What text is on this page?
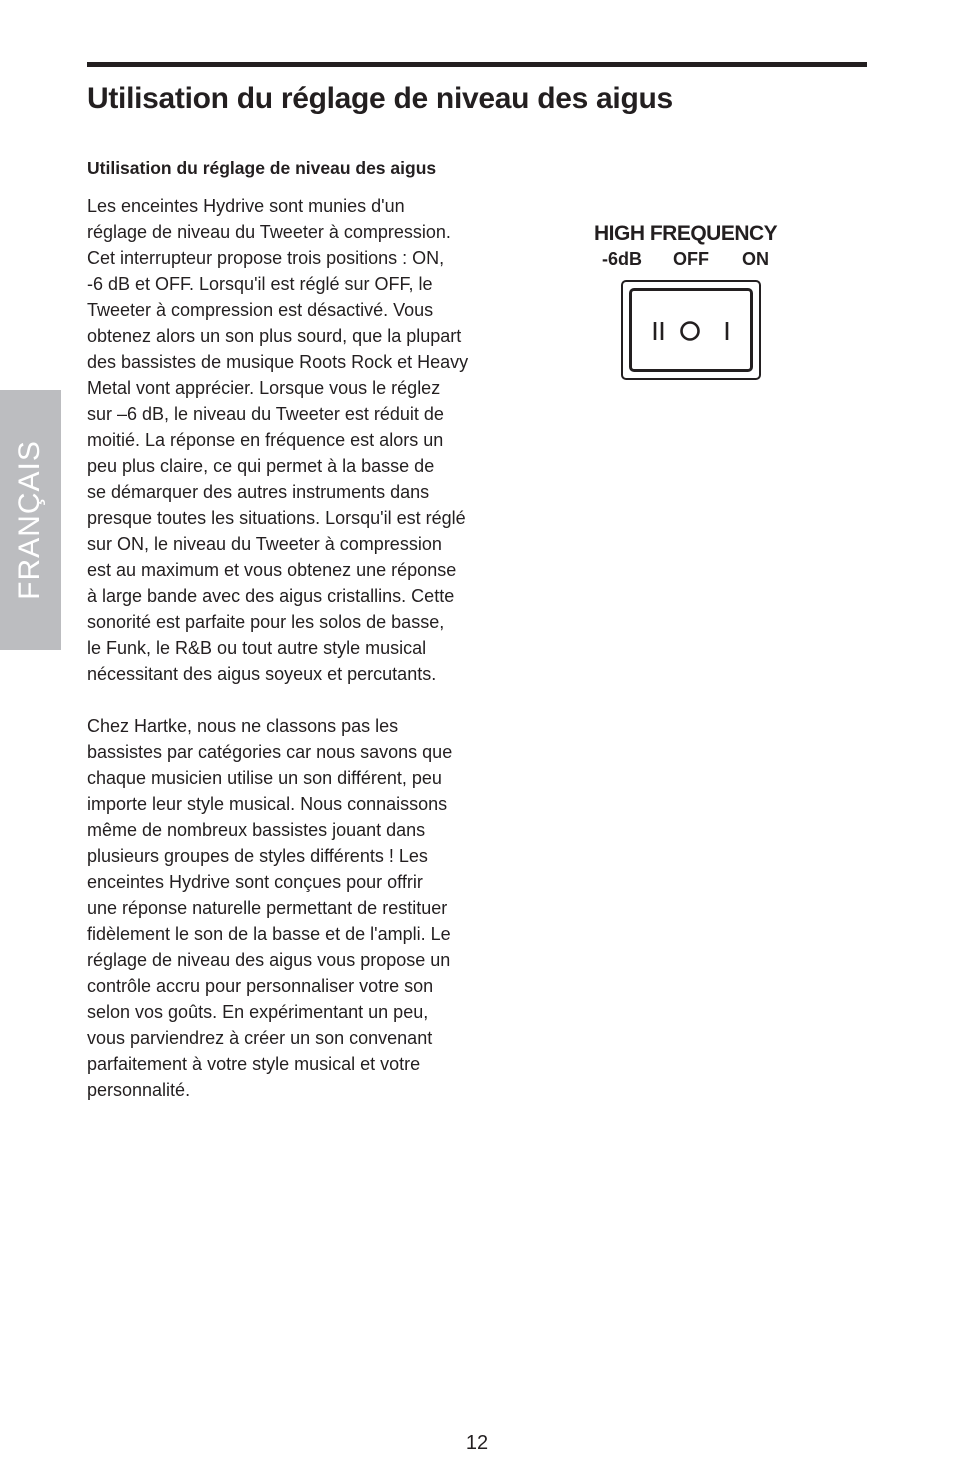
Utilisation du réglage de niveau des aigus
FRANÇAIS
Utilisation du réglage de niveau des aigus

Les enceintes Hydrive sont munies d'un
réglage de niveau du Tweeter à compression.
Cet interrupteur propose trois positions : ON,
-6 dB et OFF. Lorsqu'il est réglé sur OFF, le
Tweeter à compression est désactivé. Vous
obtenez alors un son plus sourd, que la plupart
des bassistes de musique Roots Rock et Heavy
Metal vont apprécier. Lorsque vous le réglez
sur –6 dB, le niveau du Tweeter est réduit de
moitié. La réponse en fréquence est alors un
peu plus claire, ce qui permet à la basse de
se démarquer des autres instruments dans
presque toutes les situations. Lorsqu'il est réglé
sur ON, le niveau du Tweeter à compression
est au maximum et vous obtenez une réponse
à large bande avec des aigus cristallins. Cette
sonorité est parfaite pour les solos de basse,
le Funk, le R&B ou tout autre style musical
nécessitant des aigus soyeux et percutants.

Chez Hartke, nous ne classons pas les
bassistes par catégories car nous savons que
chaque musicien utilise un son différent, peu
importe leur style musical. Nous connaissons
même de nombreux bassistes jouant dans
plusieurs groupes de styles différents ! Les
enceintes Hydrive sont conçues pour offrir
une réponse naturelle permettant de restituer
fidèlement le son de la basse et de l'ampli. Le
réglage de niveau des aigus vous propose un
contrôle accru pour personnaliser votre son
selon vos goûts. En expérimentant un peu,
vous parviendrez à créer un son convenant
parfaitement à votre style musical et votre
personnalité.

HIGH FREQUENCY
-6dB OFF ON
12
